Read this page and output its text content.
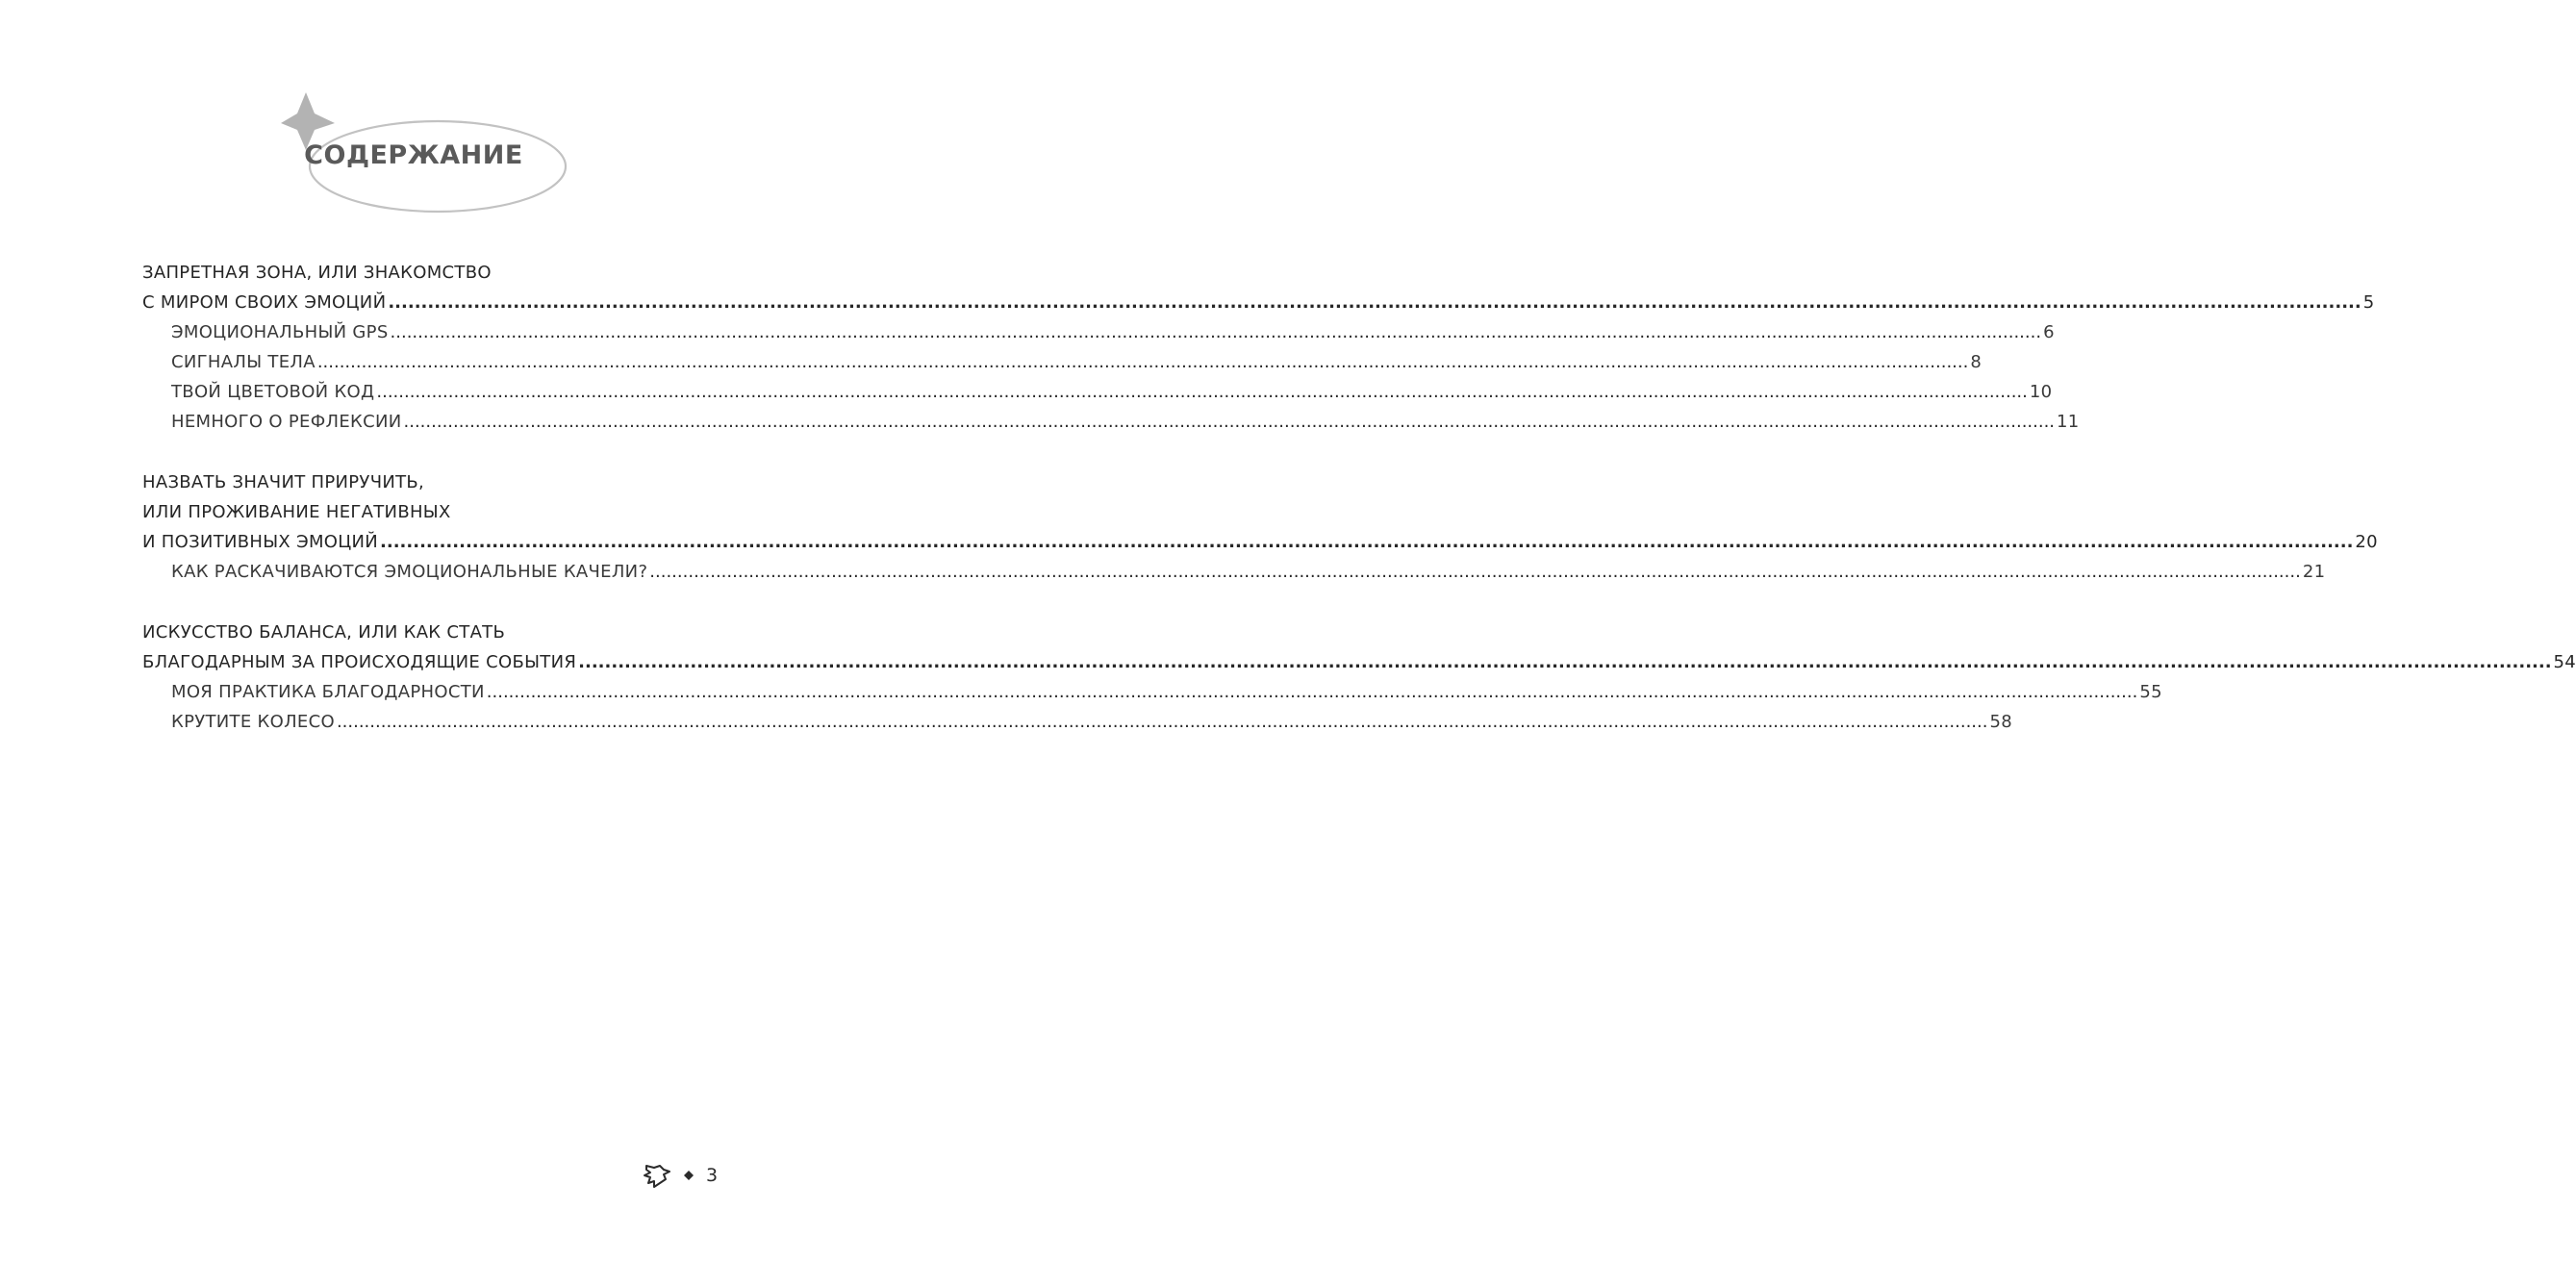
СОДЕРЖАНИЕ
ЗАПРЕТНАЯ ЗОНА, ИЛИ ЗНАКОМСТВО
С МИРОМ СВОИХ ЭМОЦИЙ ............................................................................................................................................................................................................................................................................................................ 5
ЭМОЦИОНАЛЬНЫЙ GPS ............................................................................................................................................................................................................................................................................................................ 6
СИГНАЛЫ ТЕЛА ............................................................................................................................................................................................................................................................................................................ 8
ТВОЙ ЦВЕТОВОЙ КОД ............................................................................................................................................................................................................................................................................................................ 10
НЕМНОГО О РЕФЛЕКСИИ ............................................................................................................................................................................................................................................................................................................ 11
НАЗВАТЬ ЗНАЧИТ ПРИРУЧИТЬ,
ИЛИ ПРОЖИВАНИЕ НЕГАТИВНЫХ
И ПОЗИТИВНЫХ ЭМОЦИЙ ............................................................................................................................................................................................................................................................................................................ 20
КАК РАСКАЧИВАЮТСЯ ЭМОЦИОНАЛЬНЫЕ КАЧЕЛИ? ............................................................................................................................................................................................................................................................................................................ 21
ИСКУССТВО БАЛАНСА, ИЛИ КАК СТАТЬ
БЛАГОДАРНЫМ ЗА ПРОИСХОДЯЩИЕ СОБЫТИЯ ............................................................................................................................................................................................................................................................................................................ 54
МОЯ ПРАКТИКА БЛАГОДАРНОСТИ ............................................................................................................................................................................................................................................................................................................ 55
КРУТИТЕ КОЛЕСО ............................................................................................................................................................................................................................................................................................................ 58
3
